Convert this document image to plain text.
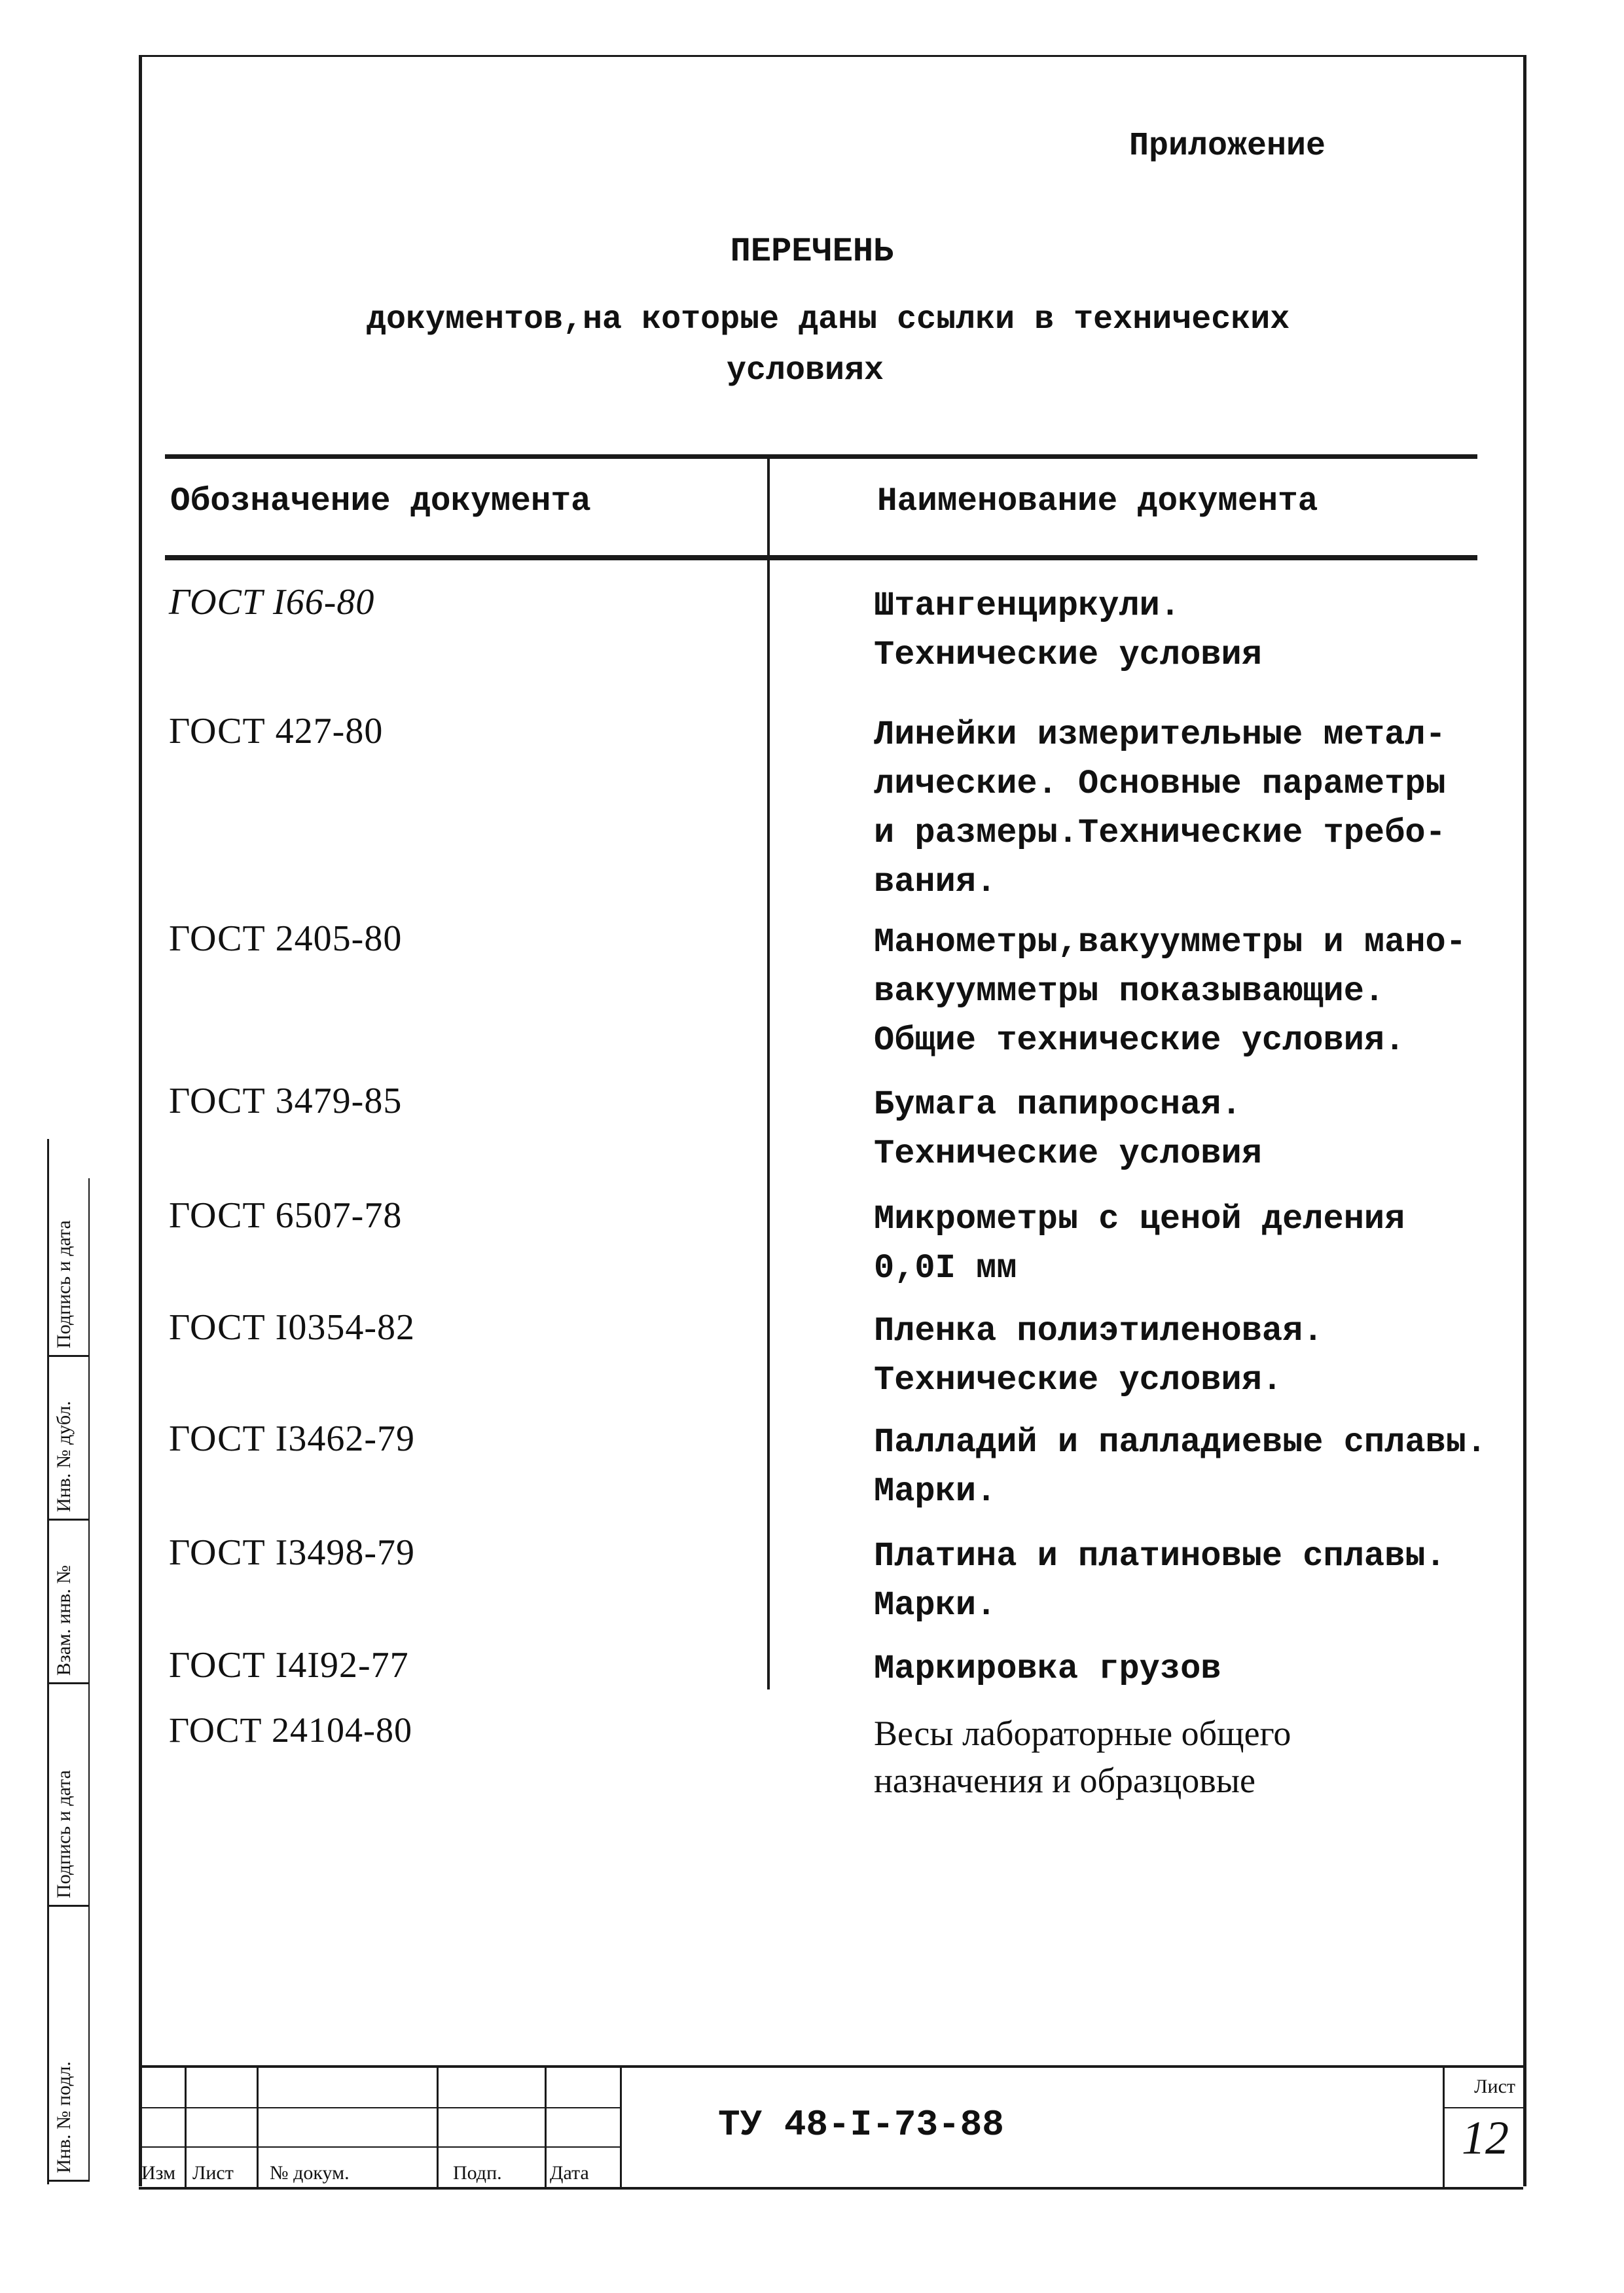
Приложение
ПЕРЕЧЕНЬ
документов,на которые даны ссылки в технических
условиях
Обозначение документа	Наименование документа
ГОСТ I66-80	Штангенциркули.
Технические условия
ГОСТ 427-80	Линейки измерительные метал-
лические. Основные параметры
и размеры.Технические требо-
вания.
ГОСТ 2405-80	Манометры,вакуумметры и мано-
вакуумметры показывающие.
Общие технические условия.
ГОСТ 3479-85	Бумага папиросная.
Технические условия
ГОСТ 6507-78	Микрометры с ценой деления
0,0I мм
ГОСТ I0354-82	Пленка полиэтиленовая.
Технические условия.
ГОСТ I3462-79	Палладий и палладиевые сплавы.
Марки.
ГОСТ I3498-79	Платина и платиновые сплавы.
Марки.
ГОСТ I4I92-77	Маркировка грузов
ГОСТ 24104-80	Весы лабораторные общего
назначения и образцовые
Подпись и дата
Инв. № дубл.
Взам. инв. №
Подпись и дата
Инв. № подл.	Изм Лист № докум.	Подп. Дата
ТУ 48-I-73-88
Лист
12
